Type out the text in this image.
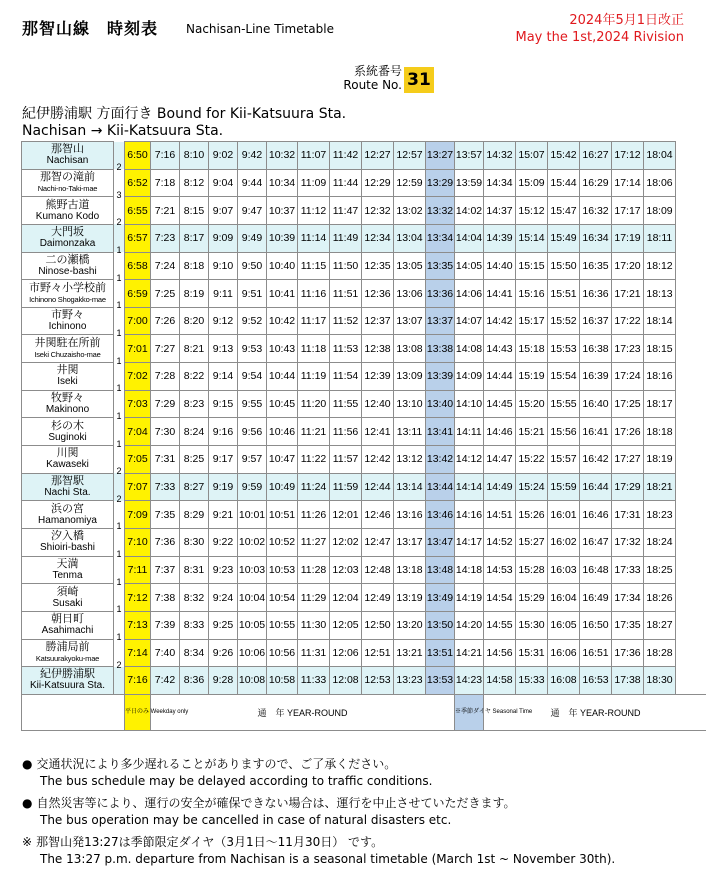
那智山線　時刻表 Nachisan-Line Timetable
2024年5月1日改正
May the 1st,2024 Rivision
系統番号
Route No. 31
紀伊勝浦駅 方面行き Bound for Kii-Katsuura Sta.
Nachisan → Kii-Katsuura Sta.
那智山
Nachisan		6:50	7:16	8:10	9:02	9:42	10:32	11:07	11:42	12:27	12:57	13:27	13:57	14:32	15:07	15:42	16:27	17:12	18:04

那智の滝前
Nachi-no-Taki-mae	2	6:52	7:18	8:12	9:04	9:44	10:34	11:09	11:44	12:29	12:59	13:29	13:59	14:34	15:09	15:44	16:29	17:14	18:06

熊野古道
Kumano Kodo	3	6:55	7:21	8:15	9:07	9:47	10:37	11:12	11:47	12:32	13:02	13:32	14:02	14:37	15:12	15:47	16:32	17:17	18:09

大門坂
Daimonzaka	2	6:57	7:23	8:17	9:09	9:49	10:39	11:14	11:49	12:34	13:04	13:34	14:04	14:39	15:14	15:49	16:34	17:19	18:11

二の瀬橋
Ninose-bashi	1	6:58	7:24	8:18	9:10	9:50	10:40	11:15	11:50	12:35	13:05	13:35	14:05	14:40	15:15	15:50	16:35	17:20	18:12

市野々小学校前
Ichinono Shogakko-mae	1	6:59	7:25	8:19	9:11	9:51	10:41	11:16	11:51	12:36	13:06	13:36	14:06	14:41	15:16	15:51	16:36	17:21	18:13

市野々
Ichinono	1	7:00	7:26	8:20	9:12	9:52	10:42	11:17	11:52	12:37	13:07	13:37	14:07	14:42	15:17	15:52	16:37	17:22	18:14

井関駐在所前
Iseki Chuzaisho-mae	1	7:01	7:27	8:21	9:13	9:53	10:43	11:18	11:53	12:38	13:08	13:38	14:08	14:43	15:18	15:53	16:38	17:23	18:15

井関
Iseki	1	7:02	7:28	8:22	9:14	9:54	10:44	11:19	11:54	12:39	13:09	13:39	14:09	14:44	15:19	15:54	16:39	17:24	18:16

牧野々
Makinono	1	7:03	7:29	8:23	9:15	9:55	10:45	11:20	11:55	12:40	13:10	13:40	14:10	14:45	15:20	15:55	16:40	17:25	18:17

杉の木
Suginoki	1	7:04	7:30	8:24	9:16	9:56	10:46	11:21	11:56	12:41	13:11	13:41	14:11	14:46	15:21	15:56	16:41	17:26	18:18

川関
Kawaseki	1	7:05	7:31	8:25	9:17	9:57	10:47	11:22	11:57	12:42	13:12	13:42	14:12	14:47	15:22	15:57	16:42	17:27	18:19

那智駅
Nachi Sta.	2	7:07	7:33	8:27	9:19	9:59	10:49	11:24	11:59	12:44	13:14	13:44	14:14	14:49	15:24	15:59	16:44	17:29	18:21

浜の宮
Hamanomiya	2	7:09	7:35	8:29	9:21	10:01	10:51	11:26	12:01	12:46	13:16	13:46	14:16	14:51	15:26	16:01	16:46	17:31	18:23

汐入橋
Shioiri-bashi	1	7:10	7:36	8:30	9:22	10:02	10:52	11:27	12:02	12:47	13:17	13:47	14:17	14:52	15:27	16:02	16:47	17:32	18:24

天満
Tenma	1	7:11	7:37	8:31	9:23	10:03	10:53	11:28	12:03	12:48	13:18	13:48	14:18	14:53	15:28	16:03	16:48	17:33	18:25

須崎
Susaki	1	7:12	7:38	8:32	9:24	10:04	10:54	11:29	12:04	12:49	13:19	13:49	14:19	14:54	15:29	16:04	16:49	17:34	18:26

朝日町
Asahimachi	1	7:13	7:39	8:33	9:25	10:05	10:55	11:30	12:05	12:50	13:20	13:50	14:20	14:55	15:30	16:05	16:50	17:35	18:27

勝浦局前
Katsuurakyoku-mae	1	7:14	7:40	8:34	9:26	10:06	10:56	11:31	12:06	12:51	13:21	13:51	14:21	14:56	15:31	16:06	16:51	17:36	18:28

紀伊勝浦駅
Kii-Katsuura Sta.	2	7:16	7:42	8:36	9:28	10:08	10:58	11:33	12:08	12:53	13:23	13:53	14:23	14:58	15:33	16:08	16:53	17:38	18:30
		平日のみ Weekday only	通　年 YEAR-ROUND										※季節ダイヤ Seasonal Time	通　年 YEAR-ROUND					
● 交通状況により多少遅れることがありますので、ご了承ください。
The bus schedule may be delayed according to traffic conditions.
● 自然災害等により、運行の安全が確保できない場合は、運行を中止させていただきます。
The bus operation may be cancelled in case of natural disasters etc.
※ 那智山発13:27は季節限定ダイヤ（3月1日～11月30日） です。
The 13:27 p.m. departure from Nachisan is a seasonal timetable (March 1st ~ November 30th).
